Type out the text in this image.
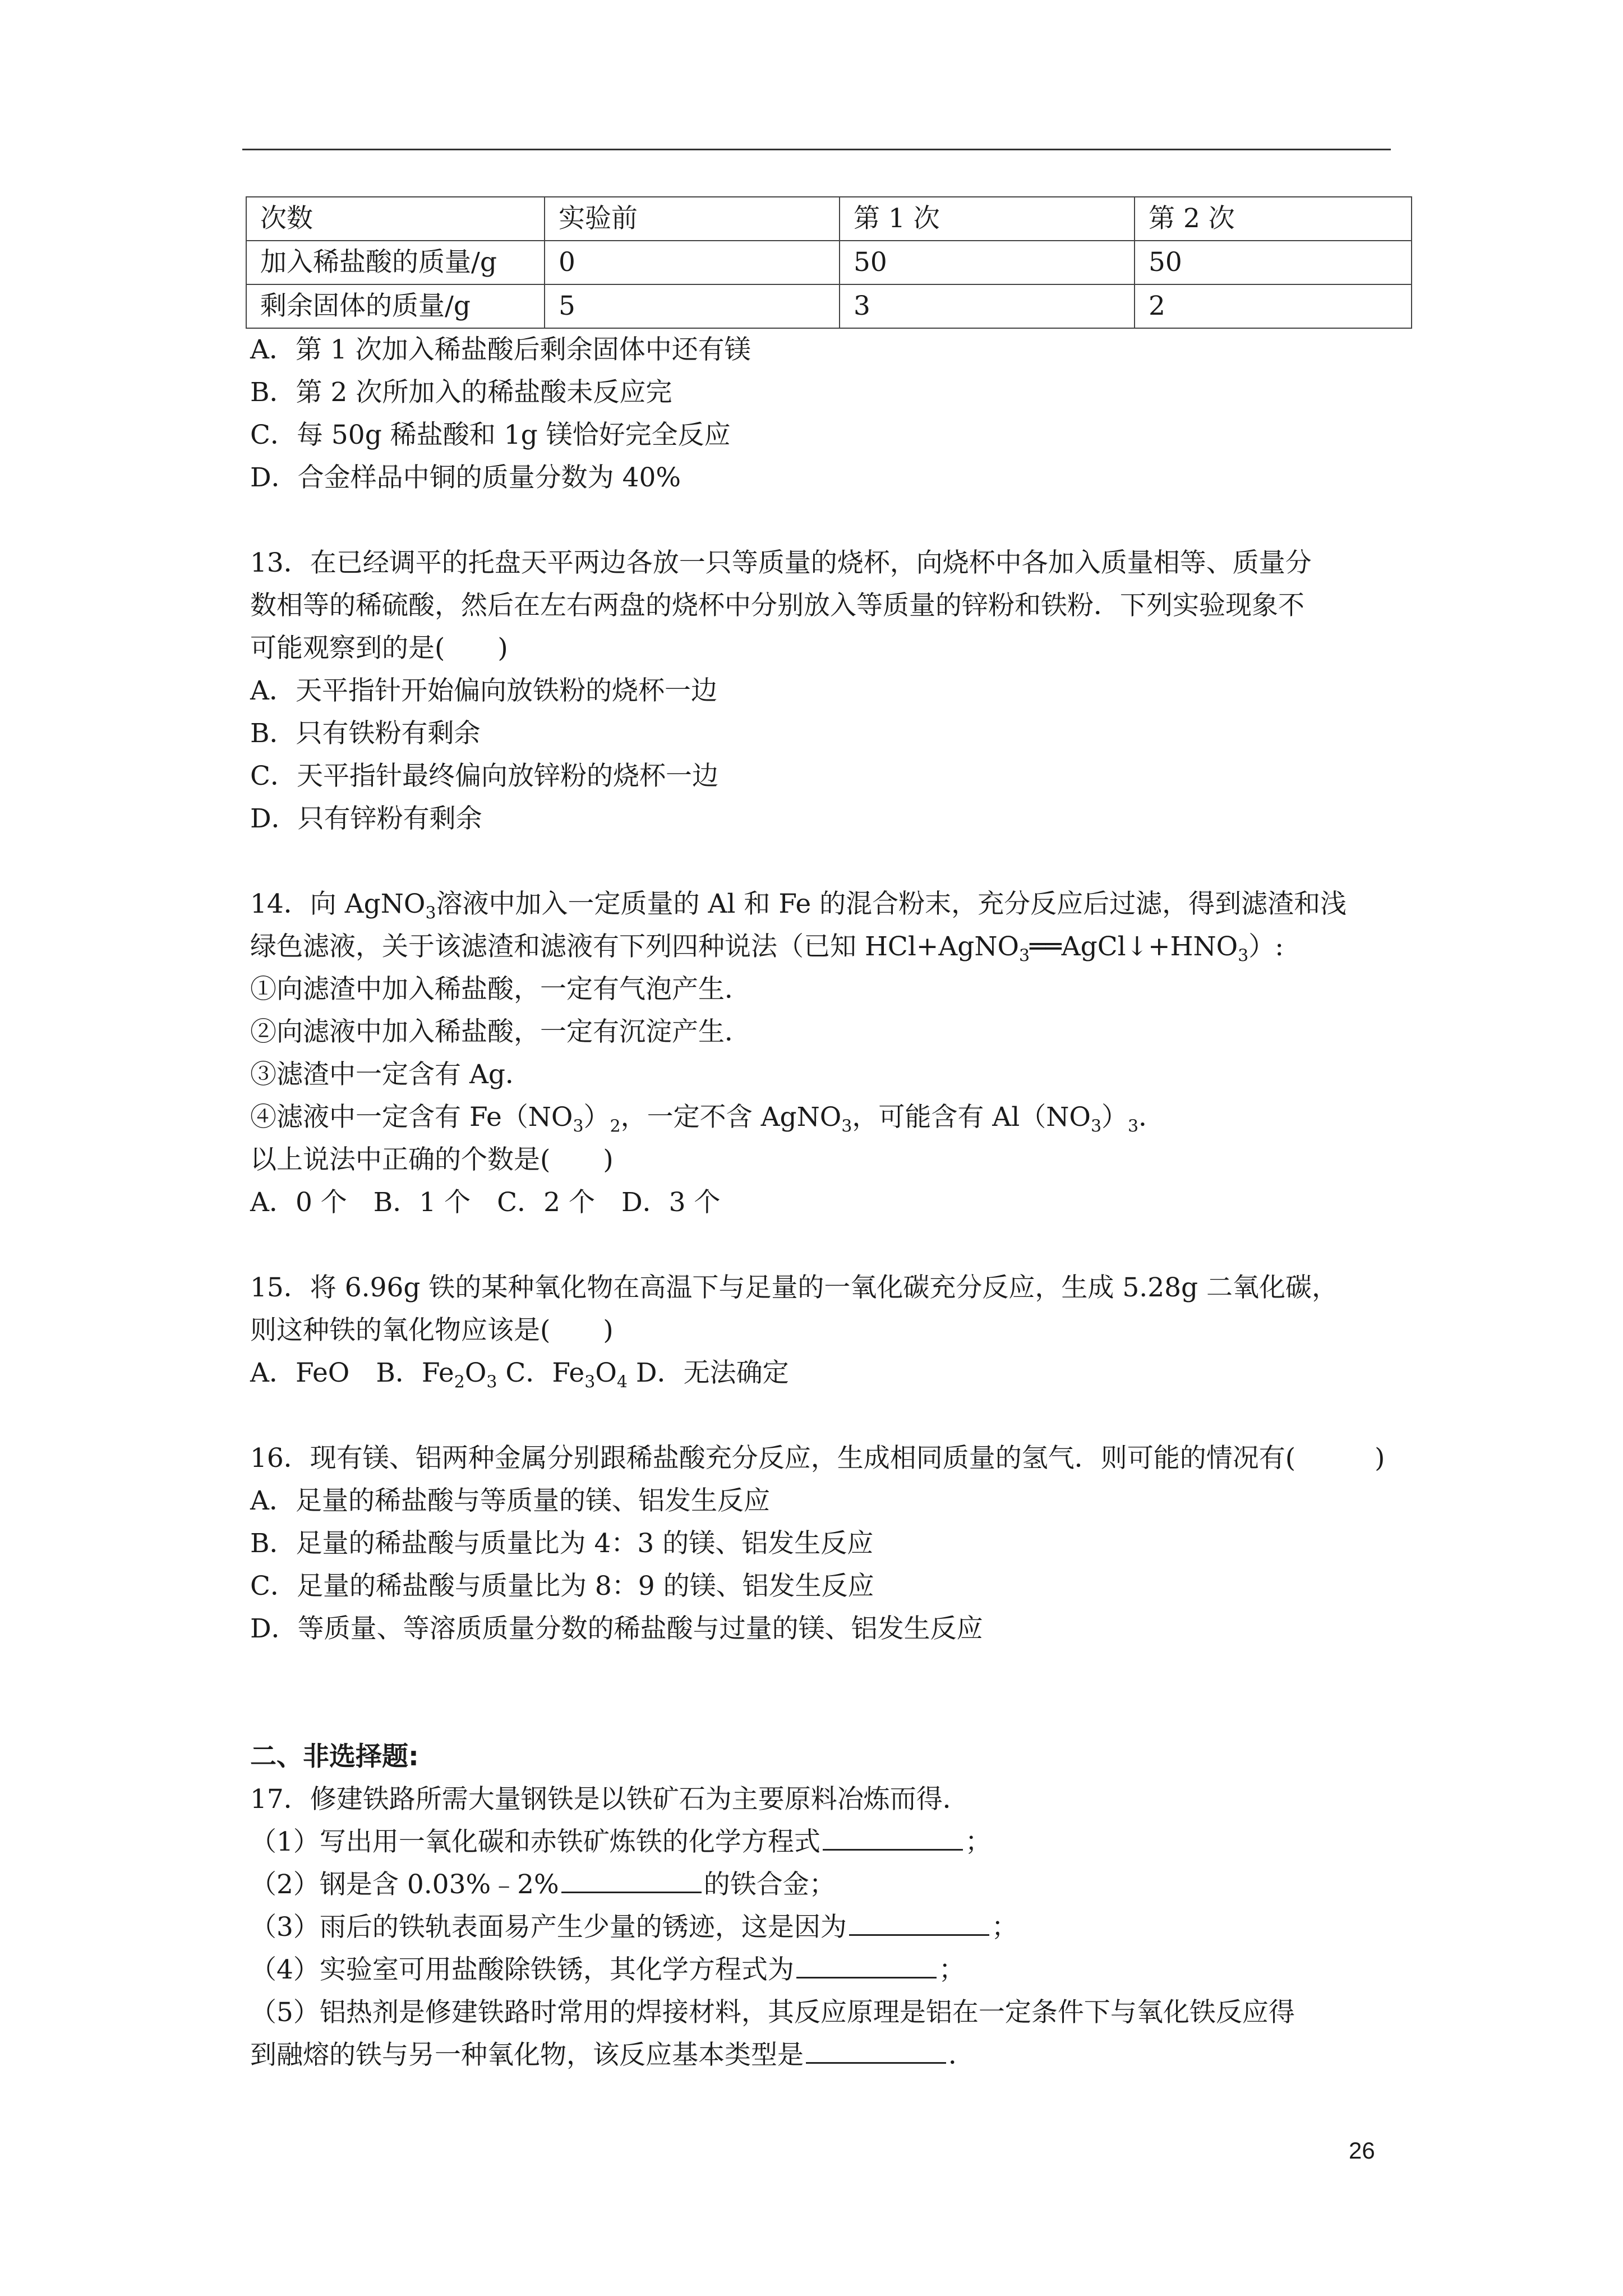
次数	实验前	第 1 次	第 2 次
加入稀盐酸的质量/g	0	50	50
剩余固体的质量/g	5	3	2
A．第 1 次加入稀盐酸后剩余固体中还有镁
B．第 2 次所加入的稀盐酸未反应完
C．每 50g 稀盐酸和 1g 镁恰好完全反应
D．合金样品中铜的质量分数为 40%
13．在已经调平的托盘天平两边各放一只等质量的烧杯，向烧杯中各加入质量相等、质量分
数相等的稀硫酸，然后在左右两盘的烧杯中分别放入等质量的锌粉和铁粉．下列实验现象不
可能观察到的是(　　)
A．天平指针开始偏向放铁粉的烧杯一边
B．只有铁粉有剩余
C．天平指针最终偏向放锌粉的烧杯一边
D．只有锌粉有剩余
14．向 AgNO$_3$溶液中加入一定质量的 Al 和 Fe 的混合粉末，充分反应后过滤，得到滤渣和浅
绿色滤液，关于该滤渣和滤液有下列四种说法（已知 $HCl+AgNO_3══AgCl↓+HNO_3$）:
①向滤渣中加入稀盐酸，一定有气泡产生．
②向滤液中加入稀盐酸，一定有沉淀产生．
③滤渣中一定含有 Ag．
④滤液中一定含有 $Fe(NO_3)_2$，一定不含 AgNO$_3$，可能含有 $Al(NO_3)_3$．
以上说法中正确的个数是(　　)
A．0 个　B．1 个　C．2 个　D．3 个
15．将 6.96g 铁的某种氧化物在高温下与足量的一氧化碳充分反应，生成 5.28g 二氧化碳，
则这种铁的氧化物应该是(　　)
A．FeO　B．$Fe_2O_3$ C．$Fe_3O_4$ D．无法确定
16．现有镁、铝两种金属分别跟稀盐酸充分反应，生成相同质量的氢气．则可能的情况有(　　　)
A．足量的稀盐酸与等质量的镁、铝发生反应
B．足量的稀盐酸与质量比为 4：3 的镁、铝发生反应
C．足量的稀盐酸与质量比为 8：9 的镁、铝发生反应
D．等质量、等溶质质量分数的稀盐酸与过量的镁、铝发生反应
二、非选择题:
17．修建铁路所需大量钢铁是以铁矿石为主要原料冶炼而得．
（1）写出用一氧化碳和赤铁矿炼铁的化学方程式	；
（2）钢是含 0.03%﹣2%	的铁合金；
（3）雨后的铁轨表面易产生少量的锈迹，这是因为	；
（4）实验室可用盐酸除铁锈，其化学方程式为	；
（5）铝热剂是修建铁路时常用的焊接材料，其反应原理是铝在一定条件下与氧化铁反应得
到融熔的铁与另一种氧化物，该反应基本类型是	．
26
